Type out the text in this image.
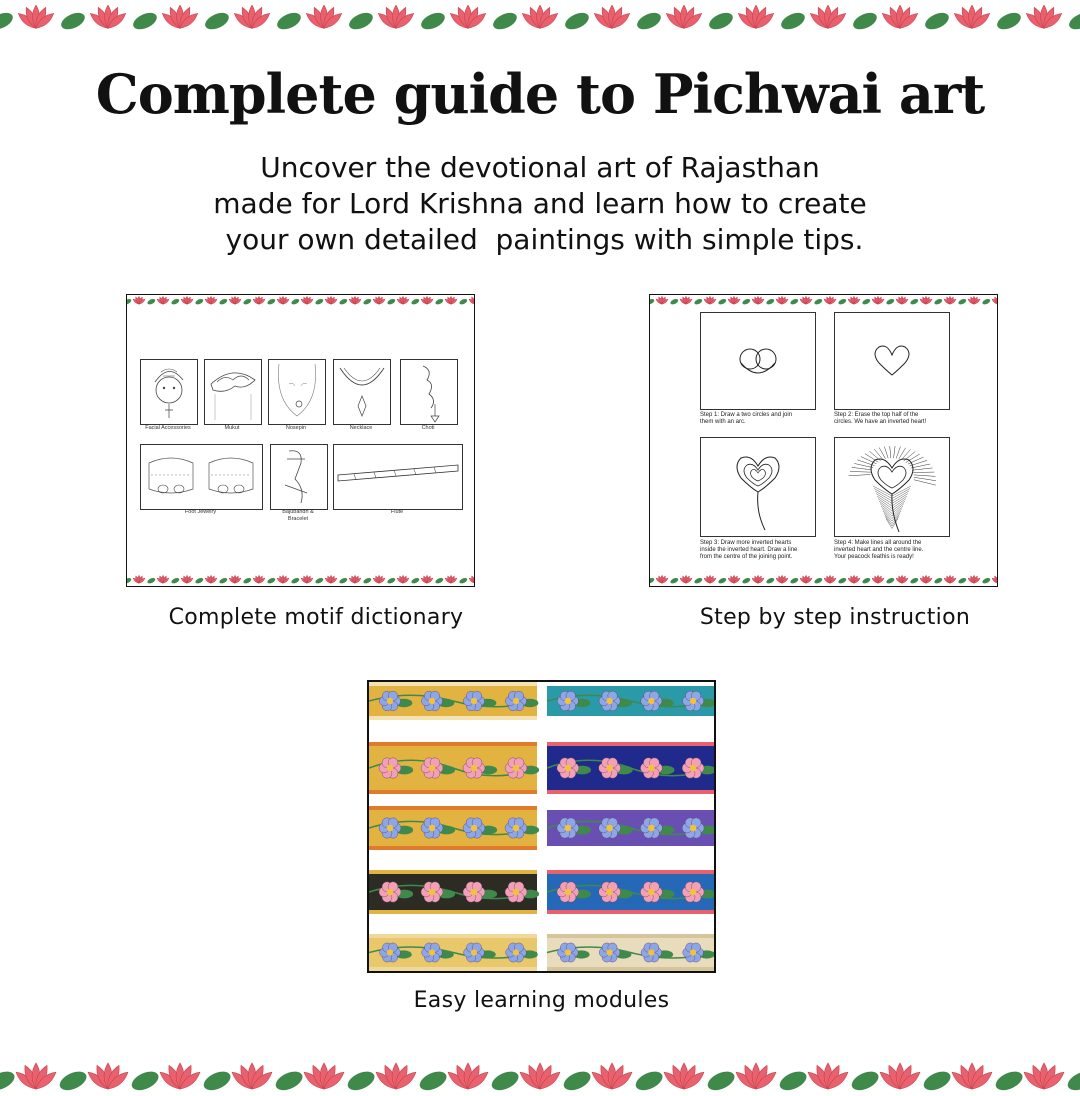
Complete guide to Pichwai art
Uncover the devotional art of Rajasthan
made for Lord Krishna and learn how to create
your own detailed  paintings with simple tips.
Facial Accessories	Mukut	Nosepin	Necklace	Choti
Foot Jewelry	Bajubandh &
Bracelet
Flute
Complete motif dictionary
Step 1: Draw a two circles and join
them with an arc.
Step 2: Erase the top half of the
circles. We have an inverted heart!
Step 3: Draw more inverted hearts
inside the inverted heart. Draw a line
from the centre of the joining point.
Step 4: Make lines all around the
inverted heart and the centre line.
Your peacock feathis is ready!
Step by step instruction
Easy learning modules
